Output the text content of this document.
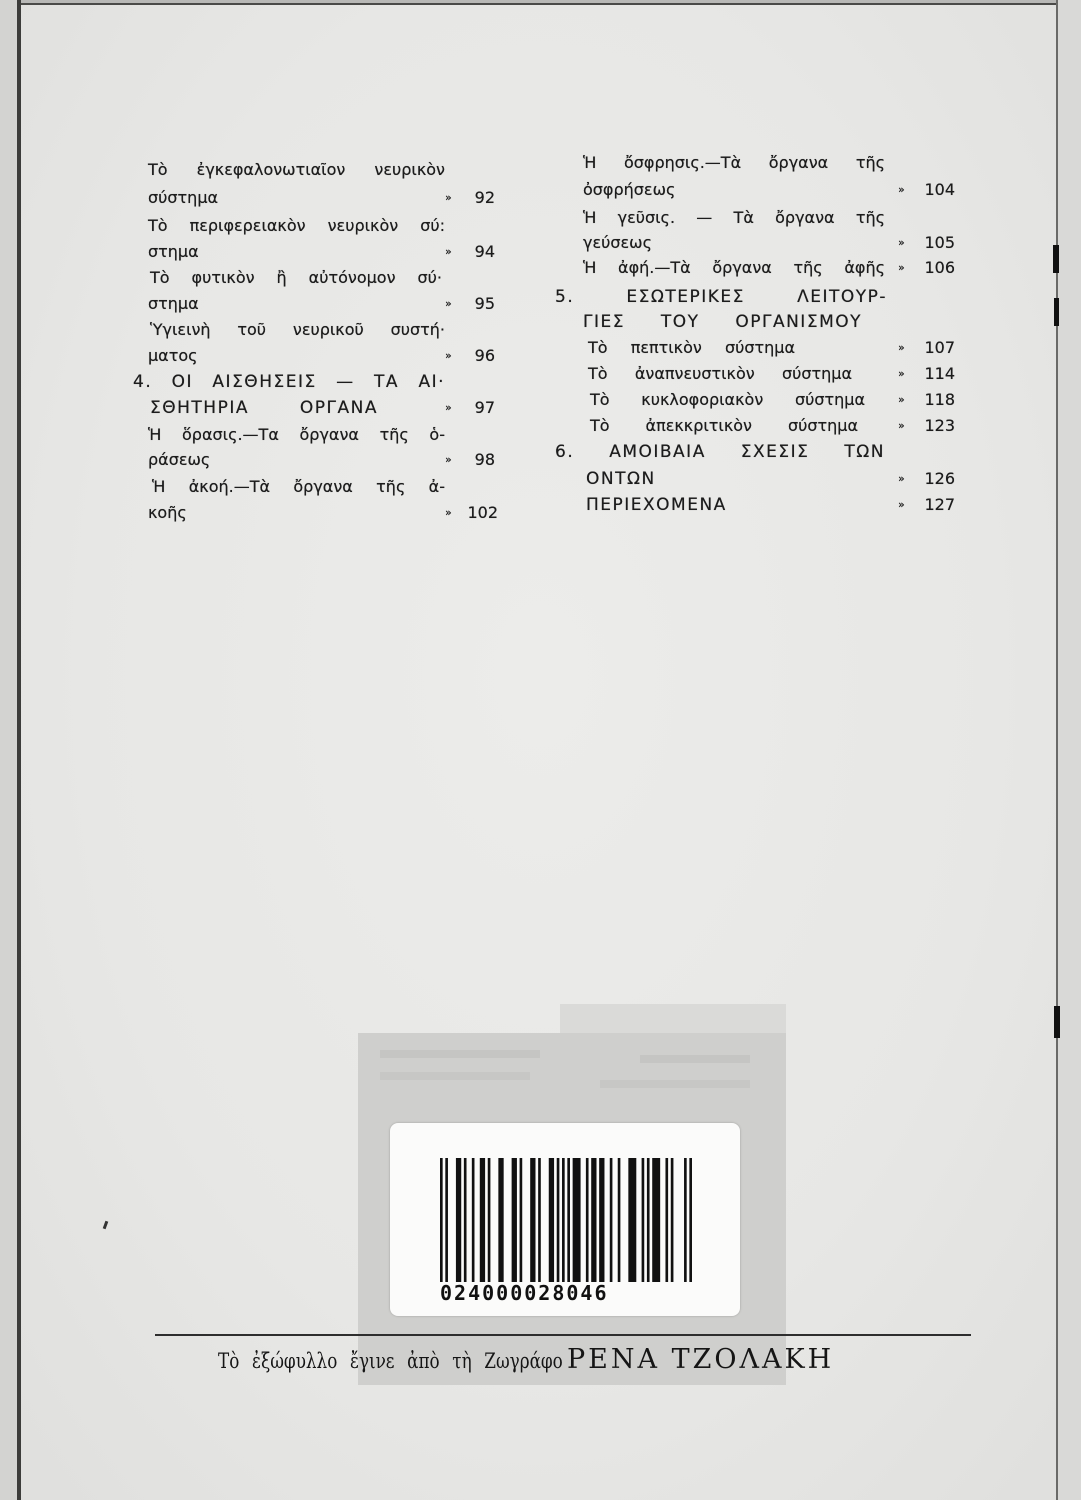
Τὸ ἐγκεφαλονωτιαῖον νευρικὸν
σύστημα	» 92
Τὸ περιφερειακὸν νευρικὸν σύ:
στημα	» 94
Τὸ φυτικὸν ἢ αὐτόνομον σύ·
στημα	» 95
Ὑγιεινὴ τοῦ νευρικοῦ συστή·
ματος	» 96
4. ΟΙ ΑΙΣΘΗΣΕΙΣ — ΤΑ ΑΙ·
ΣΘΗΤΗΡΙΑ ΟΡΓΑΝΑ	» 97
Ἡ ὅρασις.—Τα ὄργανα τῆς ὁ-
ράσεως	» 98
Ἡ ἀκοή.—Τὰ ὄργανα τῆς ἀ-
κοῆς	» 102
Ἡ ὄσφρησις.—Τὰ ὄργανα τῆς
ὀσφρήσεως	» 104
Ἡ γεῦσις. — Τὰ ὄργανα τῆς
γεύσεως	» 105
Ἡ ἀφή.—Τὰ ὄργανα τῆς ἀφῆς » 106
5. ΕΣΩΤΕΡΙΚΕΣ ΛΕΙΤΟΥΡ-
ΓΙΕΣ ΤΟΥ ΟΡΓΑΝΙΣΜΟΥ
Τὸ πεπτικὸν σύστημα	» 107
Τὸ ἀναπνευστικὸν σύστημα	» 114
Τὸ κυκλοφοριακὸν σύστημα	» 118
Τὸ ἀπεκκριτικὸν σύστημα	» 123
6. ΑΜΟΙΒΑΙΑ ΣΧΕΣΙΣ ΤΩΝ
ΟΝΤΩΝ	» 126
ΠΕΡΙΕΧΟΜΕΝΑ	» 127
024000028046
Τὸ ἐξώφυλλο ἔγινε ἀπὸ τὴ Ζωγράφο ΡΕΝΑ ΤΖΟΛΑΚΗ
